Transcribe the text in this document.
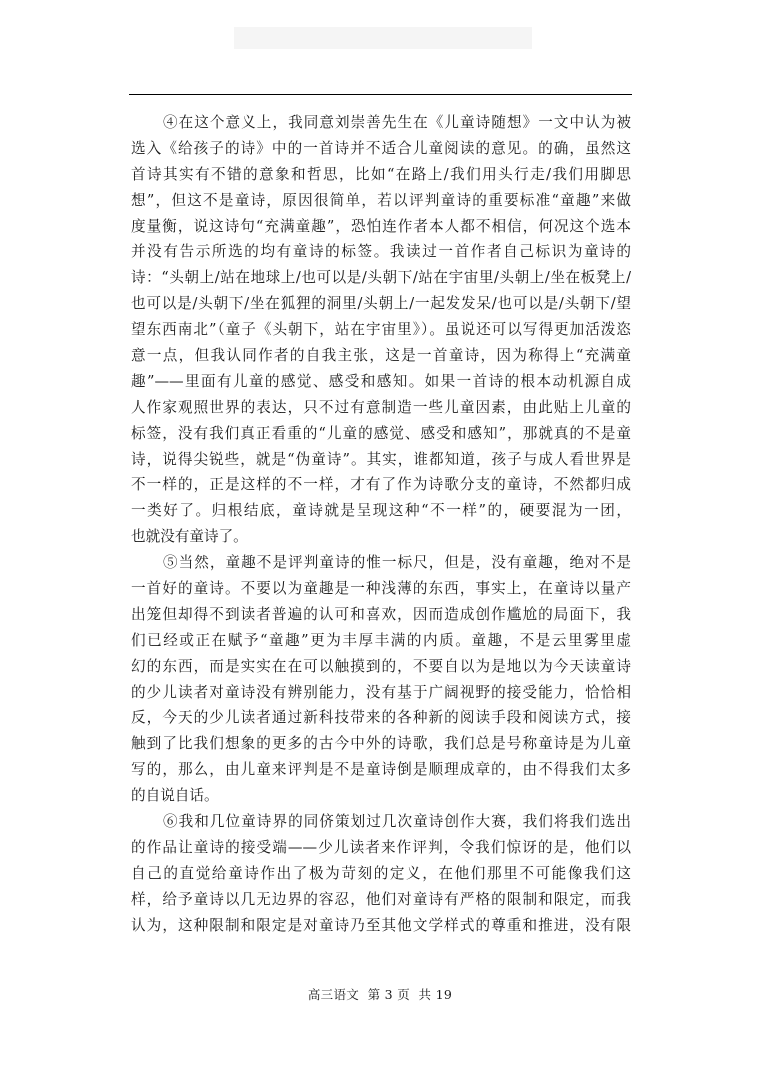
④在这个意义上，我同意刘崇善先生在《儿童诗随想》一文中认为被
选入《给孩子的诗》中的一首诗并不适合儿童阅读的意见。的确，虽然这
首诗其实有不错的意象和哲思，比如“在路上/我们用头行走/我们用脚思
想”，但这不是童诗，原因很简单，若以评判童诗的重要标准“童趣”来做
度量衡，说这诗句“充满童趣”，恐怕连作者本人都不相信，何况这个选本
并没有告示所选的均有童诗的标签。我读过一首作者自己标识为童诗的
诗：“头朝上/站在地球上/也可以是/头朝下/站在宇宙里/头朝上/坐在板凳上/
也可以是/头朝下/坐在狐狸的洞里/头朝上/一起发发呆/也可以是/头朝下/望
望东西南北”（童子《头朝下，站在宇宙里》）。虽说还可以写得更加活泼恣
意一点，但我认同作者的自我主张，这是一首童诗，因为称得上“充满童
趣”——里面有儿童的感觉、感受和感知。如果一首诗的根本动机源自成
人作家观照世界的表达，只不过有意制造一些儿童因素，由此贴上儿童的
标签，没有我们真正看重的“儿童的感觉、感受和感知”，那就真的不是童
诗，说得尖锐些，就是“伪童诗”。其实，谁都知道，孩子与成人看世界是
不一样的，正是这样的不一样，才有了作为诗歌分支的童诗，不然都归成
一类好了。归根结底，童诗就是呈现这种“不一样”的，硬要混为一团，
也就没有童诗了。
⑤当然，童趣不是评判童诗的惟一标尺，但是，没有童趣，绝对不是
一首好的童诗。不要以为童趣是一种浅薄的东西，事实上，在童诗以量产
出笼但却得不到读者普遍的认可和喜欢，因而造成创作尴尬的局面下，我
们已经或正在赋予“童趣”更为丰厚丰满的内质。童趣，不是云里雾里虚
幻的东西，而是实实在在可以触摸到的，不要自以为是地以为今天读童诗
的少儿读者对童诗没有辨别能力，没有基于广阔视野的接受能力，恰恰相
反，今天的少儿读者通过新科技带来的各种新的阅读手段和阅读方式，接
触到了比我们想象的更多的古今中外的诗歌，我们总是号称童诗是为儿童
写的，那么，由儿童来评判是不是童诗倒是顺理成章的，由不得我们太多
的自说自话。
⑥我和几位童诗界的同侪策划过几次童诗创作大赛，我们将我们选出
的作品让童诗的接受端——少儿读者来作评判，令我们惊讶的是，他们以
自己的直觉给童诗作出了极为苛刻的定义，在他们那里不可能像我们这
样，给予童诗以几无边界的容忍，他们对童诗有严格的限制和限定，而我
认为，这种限制和限定是对童诗乃至其他文学样式的尊重和推进，没有限
高三语文  第 3 页  共 19
